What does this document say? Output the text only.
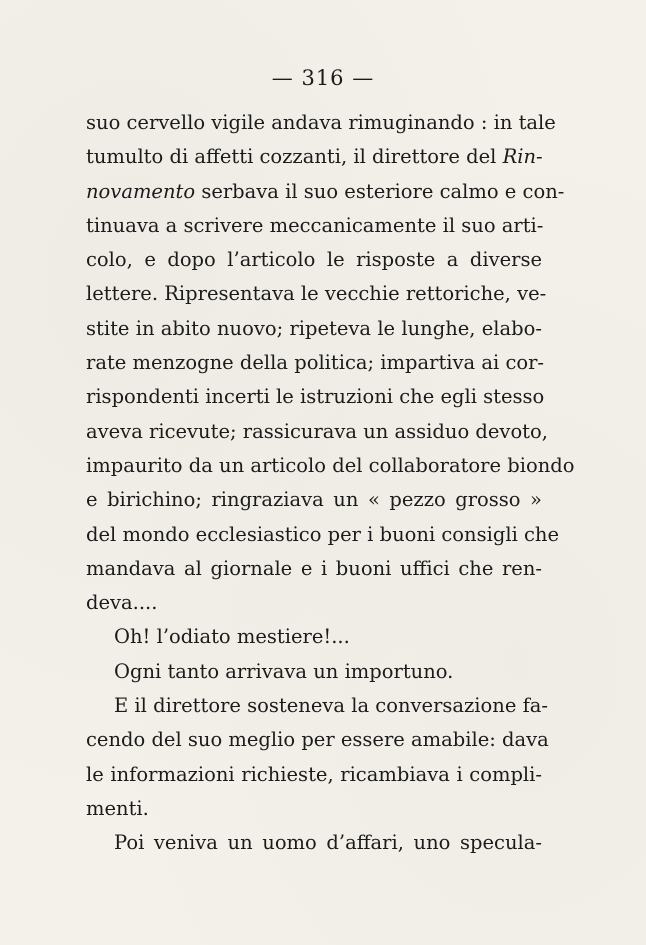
— 316 —
suo cervello vigile andava rimuginando : in tale
tumulto di affetti cozzanti, il direttore del Rin-
novamento serbava il suo esteriore calmo e con-
tinuava a scrivere meccanicamente il suo arti-
colo, e dopo l’articolo le risposte a diverse
lettere. Ripresentava le vecchie rettoriche, ve-
stite in abito nuovo; ripeteva le lunghe, elabo-
rate menzogne della politica; impartiva ai cor-
rispondenti incerti le istruzioni che egli stesso
aveva ricevute; rassicurava un assiduo devoto,
impaurito da un articolo del collaboratore biondo
e birichino; ringraziava un « pezzo grosso »
del mondo ecclesiastico per i buoni consigli che
mandava al giornale e i buoni uffici che ren-
deva....
Oh! l’odiato mestiere!...
Ogni tanto arrivava un importuno.
E il direttore sosteneva la conversazione fa-
cendo del suo meglio per essere amabile: dava
le informazioni richieste, ricambiava i compli-
menti.
Poi veniva un uomo d’affari, uno specula-
